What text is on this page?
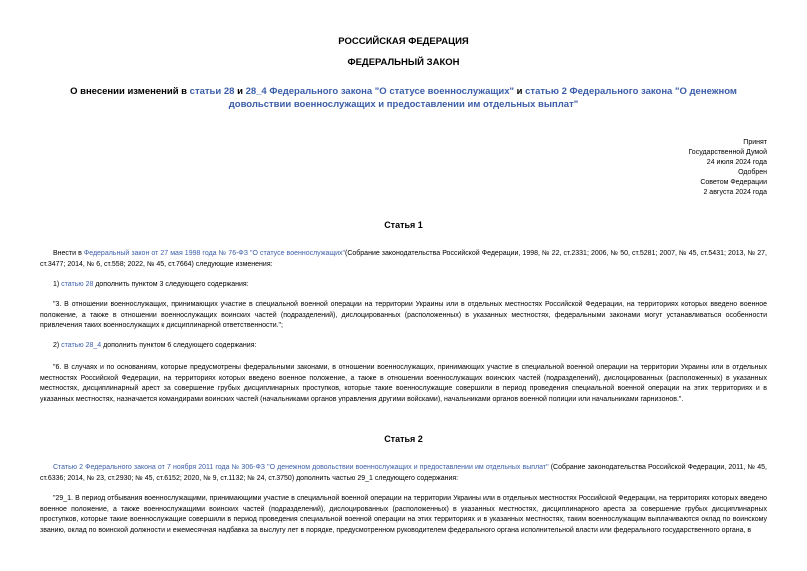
РОССИЙСКАЯ ФЕДЕРАЦИЯ
ФЕДЕРАЛЬНЫЙ ЗАКОН
О внесении изменений в статьи 28 и 28_4 Федерального закона "О статусе военнослужащих" и статью 2 Федерального закона "О денежном довольствии военнослужащих и предоставлении им отдельных выплат"
Принят
Государственной Думой
24 июля 2024 года
Одобрен
Советом Федерации
2 августа 2024 года
Статья 1
Внести в Федеральный закон от 27 мая 1998 года № 76-ФЗ "О статусе военнослужащих"(Собрание законодательства Российской Федерации, 1998, № 22, ст.2331; 2006, № 50, ст.5281; 2007, № 45, ст.5431; 2013, № 27, ст.3477; 2014, № 6, ст.558; 2022, № 45, ст.7664) следующие изменения:
1) статью 28 дополнить пунктом 3 следующего содержания:
"3. В отношении военнослужащих, принимающих участие в специальной военной операции на территории Украины или в отдельных местностях Российской Федерации, на территориях которых введено военное положение, а также в отношении военнослужащих воинских частей (подразделений), дислоцированных (расположенных) в указанных местностях, федеральными законами могут устанавливаться особенности привлечения таких военнослужащих к дисциплинарной ответственности.";
2) статью 28_4 дополнить пунктом 6 следующего содержания:
"6. В случаях и по основаниям, которые предусмотрены федеральными законами, в отношении военнослужащих, принимающих участие в специальной военной операции на территории Украины или в отдельных местностях Российской Федерации, на территориях которых введено военное положение, а также в отношении военнослужащих воинских частей (подразделений), дислоцированных (расположенных) в указанных местностях, дисциплинарный арест за совершение грубых дисциплинарных проступков, которые такие военнослужащие совершили в период проведения специальной военной операции на этих территориях и в указанных местностях, назначается командирами воинских частей (начальниками органов управления другими войсками), начальниками органов военной полиции или начальниками гарнизонов.".
Статья 2
Статью 2 Федерального закона от 7 ноября 2011 года № 306-ФЗ "О денежном довольствии военнослужащих и предоставлении им отдельных выплат" (Собрание законодательства Российской Федерации, 2011, № 45, ст.6336; 2014, № 23, ст.2930; № 45, ст.6152; 2020, № 9, ст.1132; № 24, ст.3750) дополнить частью 29_1 следующего содержания:
"29_1. В период отбывания военнослужащими, принимающими участие в специальной военной операции на территории Украины или в отдельных местностях Российской Федерации, на территориях которых введено военное положение, а также военнослужащими воинских частей (подразделений), дислоцированных (расположенных) в указанных местностях, дисциплинарного ареста за совершение грубых дисциплинарных проступков, которые такие военнослужащие совершили в период проведения специальной военной операции на этих территориях и в указанных местностях, таким военнослужащим выплачиваются оклад по воинскому званию, оклад по воинской должности и ежемесячная надбавка за выслугу лет в порядке, предусмотренном руководителем федерального органа исполнительной власти или федерального государственного органа, в
